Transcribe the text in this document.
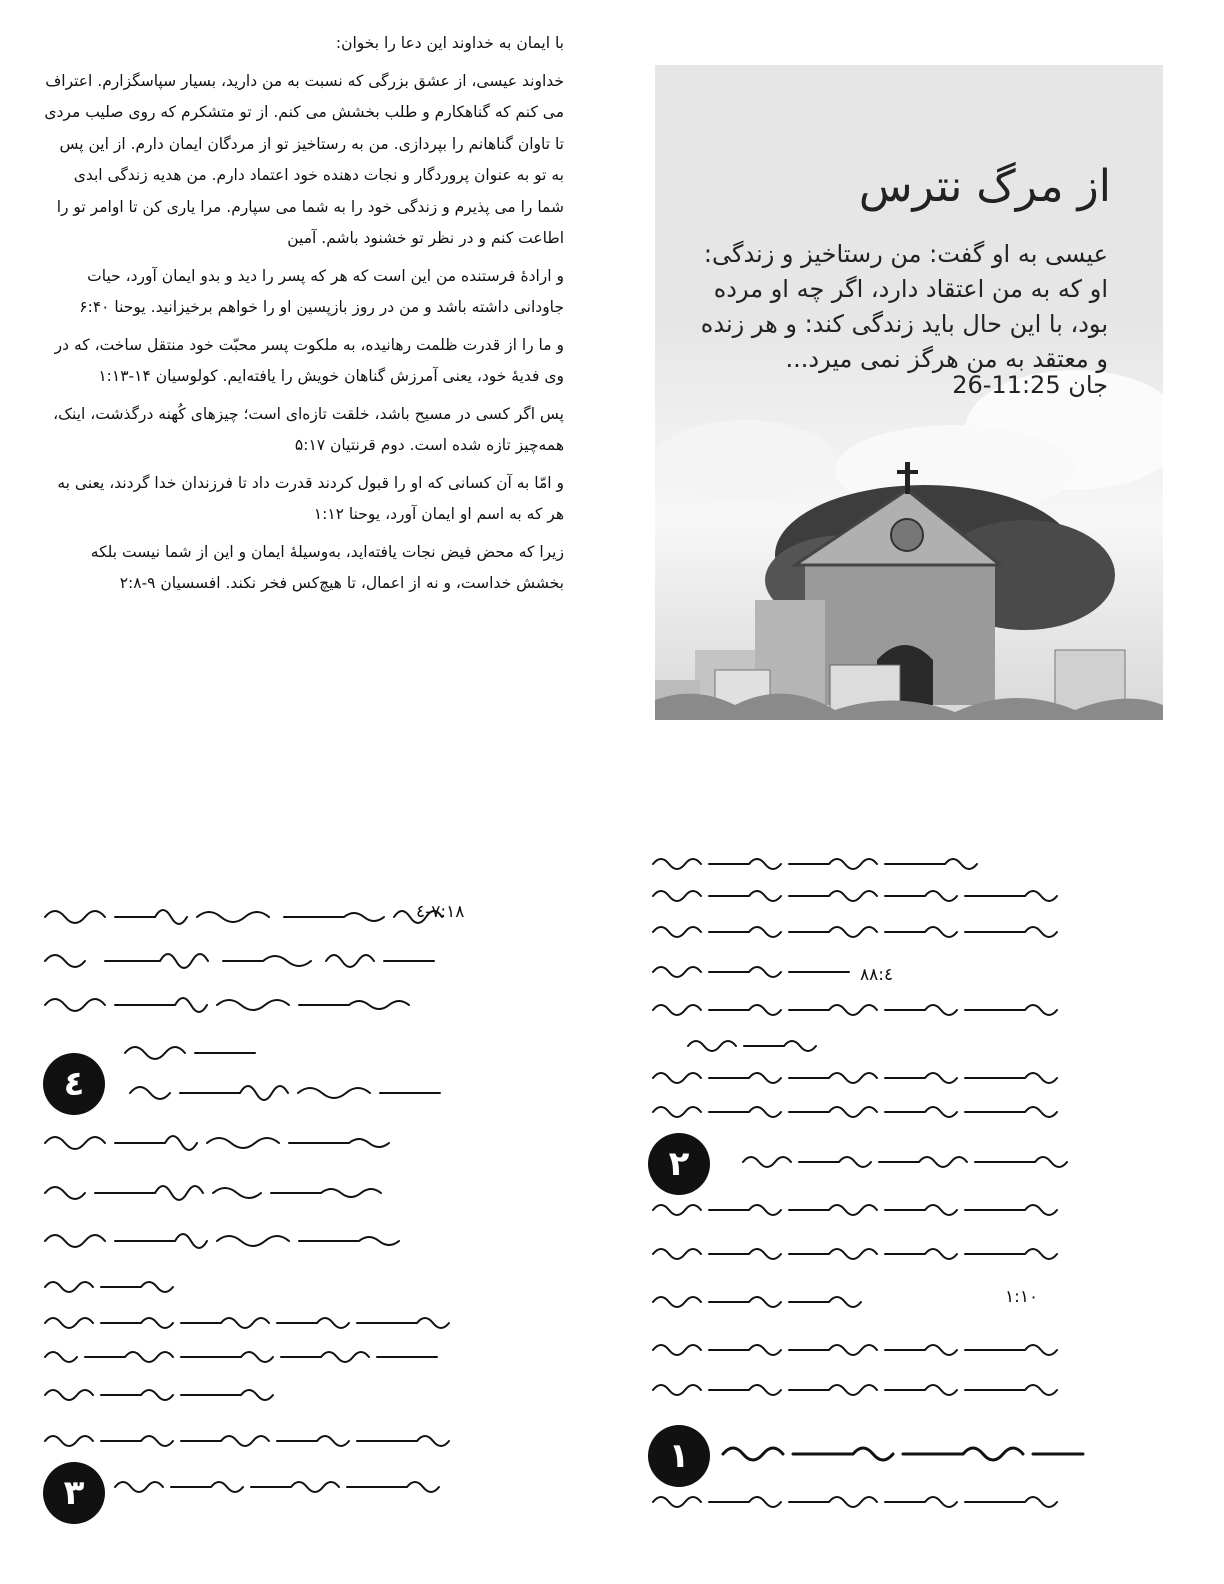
با ایمان به خداوند این دعا را بخوان:

خداوند عیسی، از عشق بزرگی که نسبت به من دارید، بسیار سپاسگزارم. اعتراف می کنم که گناهکارم و طلب بخشش می کنم. از تو متشکرم که روی صلیب مردی تا تاوان گناهانم را بپردازی. من به رستاخیز تو از مردگان ایمان دارم. از این پس به تو به عنوان پروردگار و نجات دهنده خود اعتماد دارم. من هدیه زندگی ابدی شما را می پذیرم و زندگی خود را به شما می سپارم. مرا یاری کن تا اوامر تو را اطاعت کنم و در نظر تو خشنود باشم. آمین

و ارادهٔ فرستنده من این است که هر که پسر را دید و بدو ایمان آورد، حیات جاودانی داشته باشد و من در روز بازپسین او را خواهم برخیزانید. یوحنا ۶:۴۰

و ما را از قدرت ظلمت رهانیده، به ملکوت پسر محبّت خود منتقل ساخت، که در وی فدیهٔ خود، یعنی آمرزش گناهان خویش را یافته‌ایم. کولوسیان ۱۴-۱:۱۳

پس اگر کسی در مسیح باشد، خلقت تازه‌ای است؛ چیزهای کُهنه درگذشت، اینک، همه‌چیز تازه شده است. دوم قرنتیان ۵:۱۷

و امّا به آن کسانی که او را قبول کردند قدرت داد تا فرزندان خدا گردند، یعنی به هر که به اسم او ایمان آورد، یوحنا ۱:۱۲

زیرا که محض فیض نجات یافته‌اید، به‌وسیلهٔ ایمان و این از شما نیست بلکه بخشش خداست، و نه از اعمال، تا هیچ‌کس فخر نکند. افسسیان ۹-۲:۸

از مرگ نترس

عیسی به او گفت: من رستاخیز و زندگی: او که به من اعتقاد دارد، اگر چه او مرده بود، با این حال باید زندگی کند: و هر زنده و معتقد به من هرگز نمی میرد...

جان 11:25-26

٧:١٨-٤
٨٨:٤
١:١٠
١
٢
٣
٤
